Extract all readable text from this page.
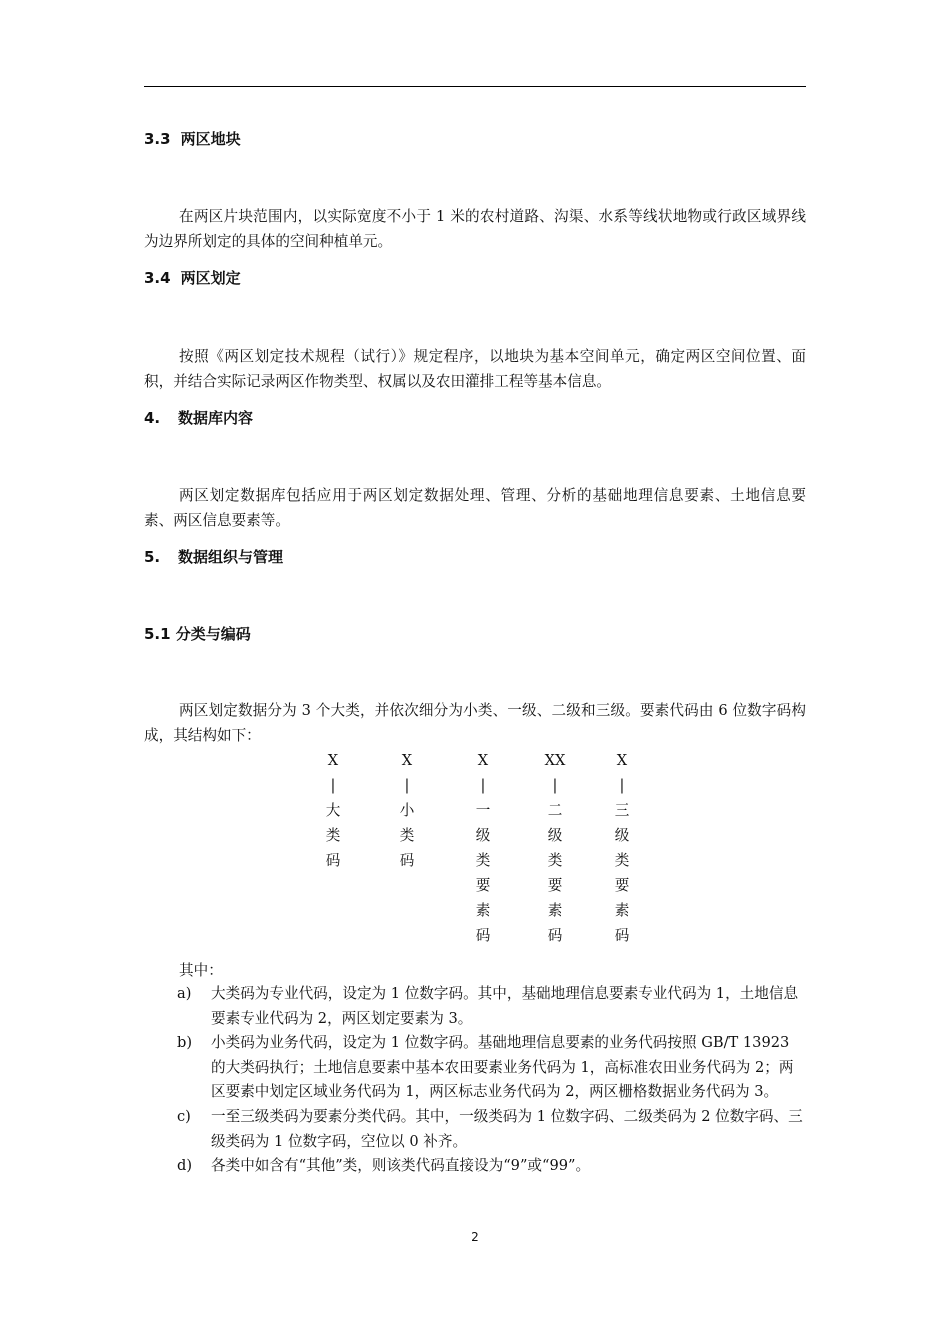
3.3 两区地块
在两区片块范围内，以实际宽度不小于 1 米的农村道路、沟渠、水系等线状地物或行政区域界线为边界所划定的具体的空间种植单元。
3.4 两区划定
按照《两区划定技术规程（试行）》规定程序，以地块为基本空间单元，确定两区空间位置、面积，并结合实际记录两区作物类型、权属以及农田灌排工程等基本信息。
4. 数据库内容
两区划定数据库包括应用于两区划定数据处理、管理、分析的基础地理信息要素、土地信息要素、两区信息要素等。
5. 数据组织与管理
5.1 分类与编码
两区划定数据分为 3 个大类，并依次细分为小类、一级、二级和三级。要素代码由 6 位数字码构成，其结构如下：
X
|
大
类
码
X
|
小
类
码
X
|
一
级
类
要
素
码
XX
|
二
级
类
要
素
码
X
|
三
级
类
要
素
码
其中：
a) 大类码为专业代码，设定为 1 位数字码。其中，基础地理信息要素专业代码为 1，土地信息要素专业代码为 2，两区划定要素为 3。
b) 小类码为业务代码，设定为 1 位数字码。基础地理信息要素的业务代码按照 GB/T 13923 的大类码执行；土地信息要素中基本农田要素业务代码为 1，高标准农田业务代码为 2；两区要素中划定区域业务代码为 1，两区标志业务代码为 2，两区栅格数据业务代码为 3。
c) 一至三级类码为要素分类代码。其中，一级类码为 1 位数字码、二级类码为 2 位数字码、三级类码为 1 位数字码，空位以 0 补齐。
d) 各类中如含有“其他”类，则该类代码直接设为“9”或“99”。
2
